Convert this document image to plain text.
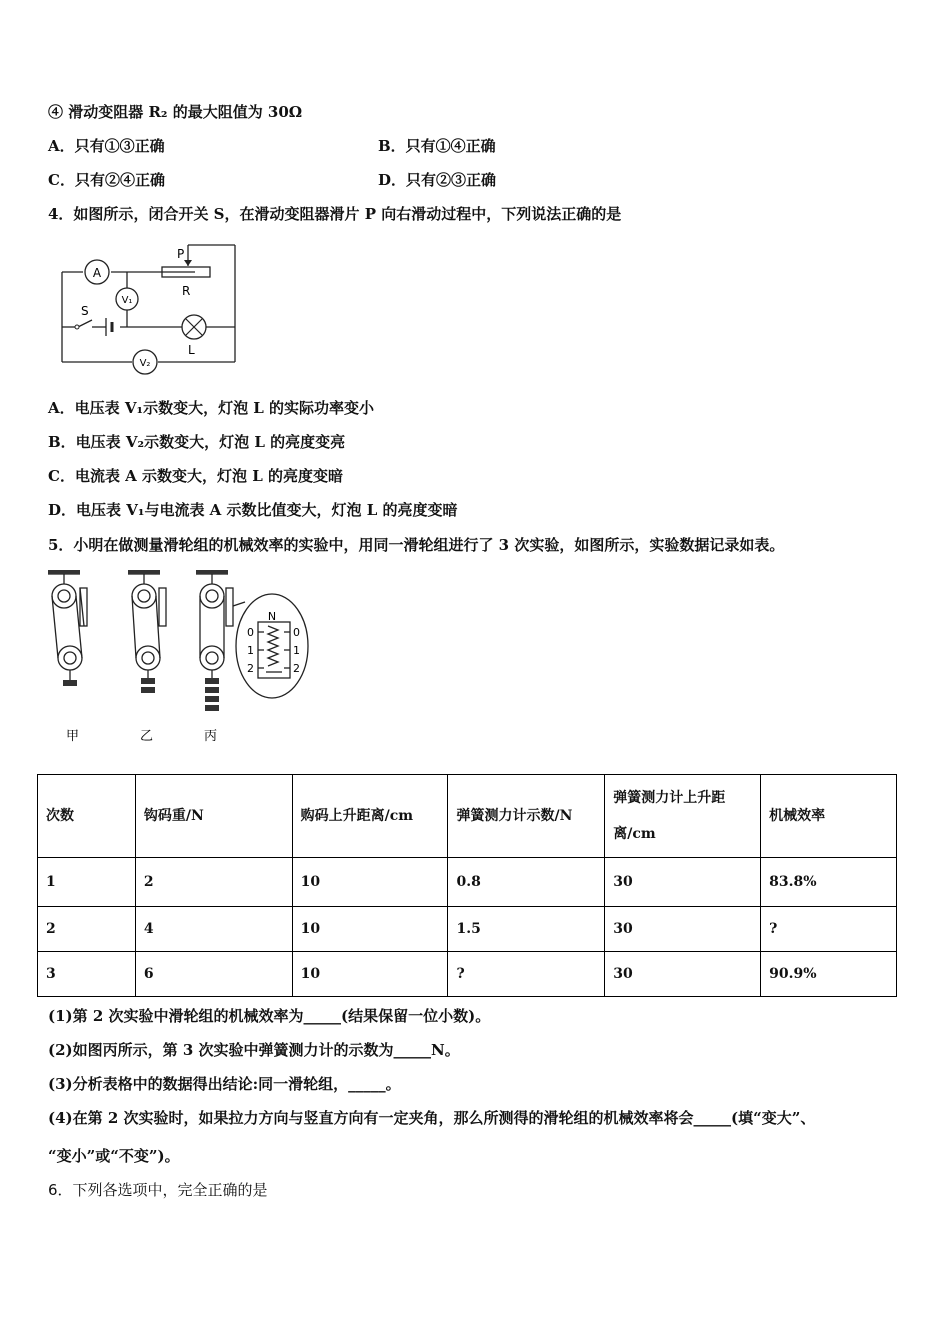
④ 滑动变阻器 R₂ 的最大阻值为 30Ω
A．只有①③正确	B．只有①④正确
C．只有②④正确	D．只有②③正确
4．如图所示，闭合开关 S，在滑动变阻器滑片 P 向右滑动过程中，下列说法正确的是
A
V₁
V₂
P
R
S
L
A．电压表 V₁示数变大，灯泡 L 的实际功率变小
B．电压表 V₂示数变大，灯泡 L 的亮度变亮
C．电流表 A 示数变大，灯泡 L 的亮度变暗
D．电压表 V₁与电流表 A 示数比值变大，灯泡 L 的亮度变暗
5．小明在做测量滑轮组的机械效率的实验中，用同一滑轮组进行了 3 次实验，如图所示，实验数据记录如表。
N
0	0
1	1
2	2
甲	乙	丙
次数	钩码重/N	购码上升距离/cm	弹簧测力计示数/N	弹簧测力计上升距离/cm	机械效率
1	2	10	0.8	30	83.8%
2	4	10	1.5	30	?
3	6	10	?	30	90.9%
(1)第 2 次实验中滑轮组的机械效率为_____(结果保留一位小数)。
(2)如图丙所示，第 3 次实验中弹簧测力计的示数为_____N。
(3)分析表格中的数据得出结论:同一滑轮组，_____。
(4)在第 2 次实验时，如果拉力方向与竖直方向有一定夹角，那么所测得的滑轮组的机械效率将会_____(填“变大”、
“变小”或“不变”)。
6．下列各选项中，完全正确的是
